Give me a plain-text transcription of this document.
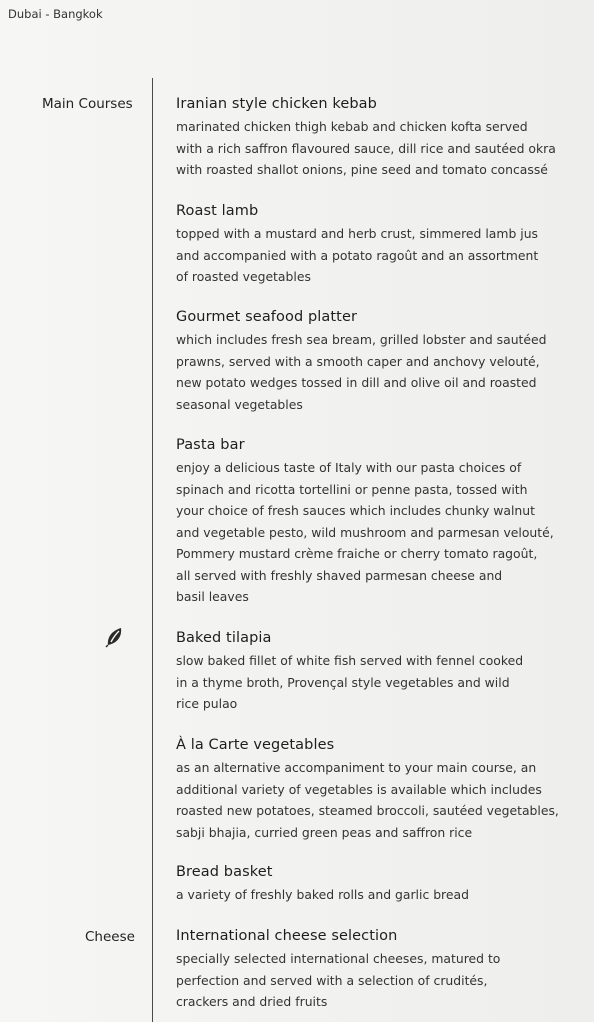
Dubai - Bangkok
Main Courses
Cheese
Iranian style chicken kebab
marinated chicken thigh kebab and chicken kofta served
with a rich saffron flavoured sauce, dill rice and sautéed okra
with roasted shallot onions, pine seed and tomato concassé
Roast lamb
topped with a mustard and herb crust, simmered lamb jus
and accompanied with a potato ragoût and an assortment
of roasted vegetables
Gourmet seafood platter
which includes fresh sea bream, grilled lobster and sautéed
prawns, served with a smooth caper and anchovy velouté,
new potato wedges tossed in dill and olive oil and roasted
seasonal vegetables
Pasta bar
enjoy a delicious taste of Italy with our pasta choices of
spinach and ricotta tortellini or penne pasta, tossed with
your choice of fresh sauces which includes chunky walnut
and vegetable pesto, wild mushroom and parmesan velouté,
Pommery mustard crème fraiche or cherry tomato ragoût,
all served with freshly shaved parmesan cheese and
basil leaves
Baked tilapia
slow baked fillet of white fish served with fennel cooked
in a thyme broth, Provençal style vegetables and wild
rice pulao
À la Carte vegetables
as an alternative accompaniment to your main course, an
additional variety of vegetables is available which includes
roasted new potatoes, steamed broccoli, sautéed vegetables,
sabji bhajia, curried green peas and saffron rice
Bread basket
a variety of freshly baked rolls and garlic bread
International cheese selection
specially selected international cheeses, matured to
perfection and served with a selection of crudités,
crackers and dried fruits
